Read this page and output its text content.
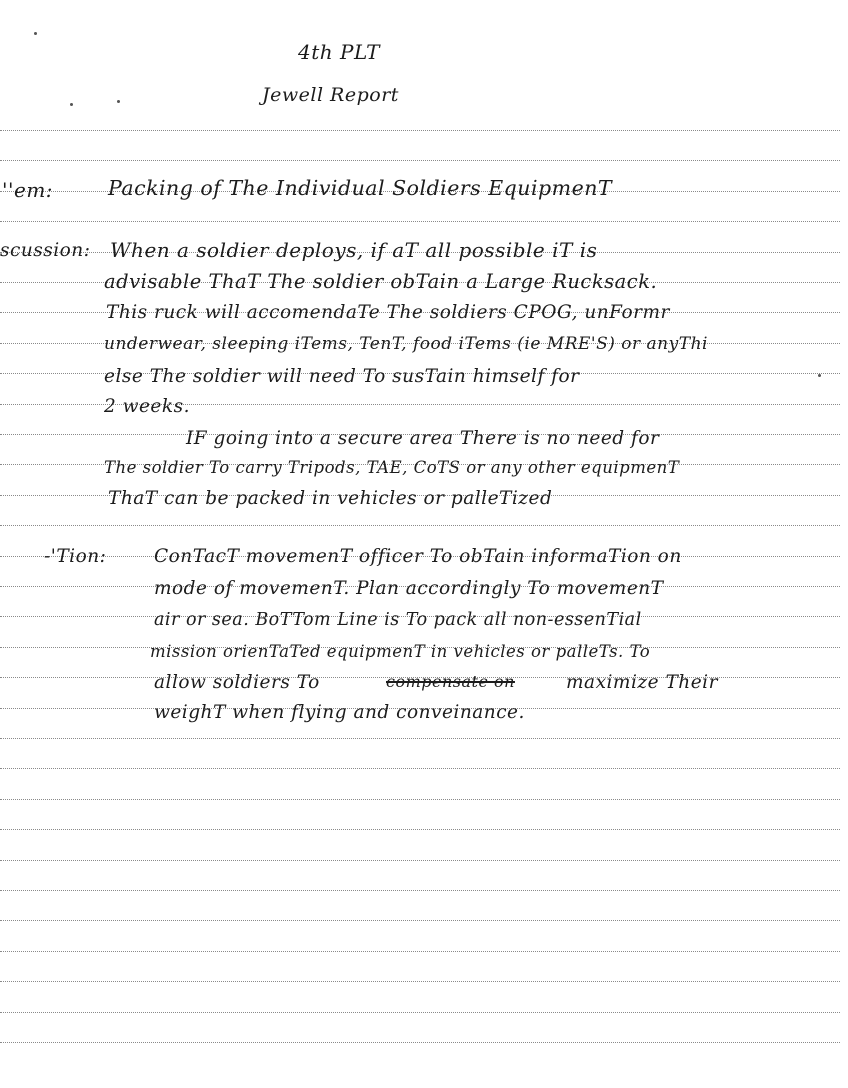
4th PLT
Jewell Report
''em:	Packing of The Individual Soldiers EquipmenT
scussion: When a soldier deploys, if aT all possible iT is
advisable ThaT The soldier obTain a Large Rucksack.
This ruck will accomendaTe The soldiers CPOG, unFormr
underwear, sleeping iTems, TenT, food iTems (ie MRE'S) or anyThi
else The soldier will need To susTain himself for
2 weeks.
IF going into a secure area There is no need for
The soldier To carry Tripods, TAE, CoTS or any other equipmenT
ThaT can be packed in vehicles or palleTized
-'Tion:	ConTacT movemenT officer To obTain informaTion on
mode of movemenT. Plan accordingly To movemenT
air or sea. BoTTom Line is To pack all non-essenTial
mission orienTaTed equipmenT in vehicles or palleTs. To
allow soldiers To	compensate on	maximize Their
weighT when flying and conveinance.
